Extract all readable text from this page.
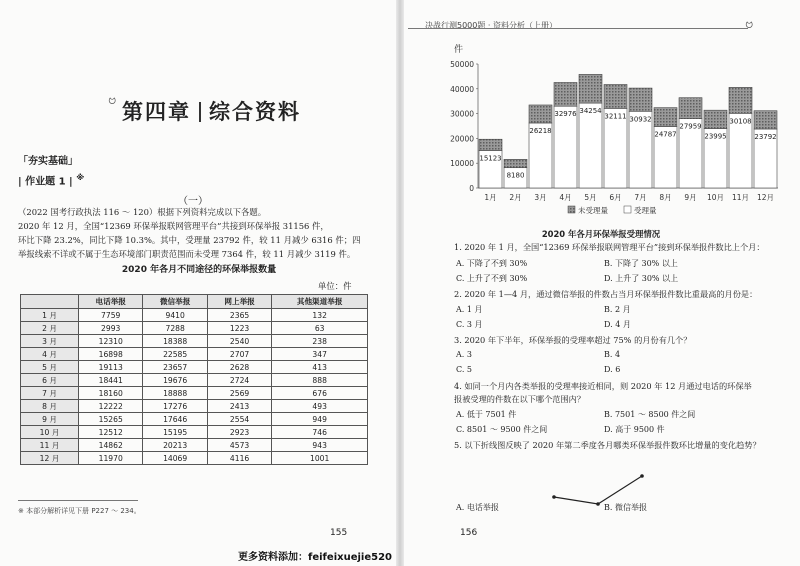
ဗ 第四章 综合资料
「夯实基础」
| 作业题 1 | ※
（一）
（2022 国考行政执法 116 ～ 120）根据下列资料完成以下各题。
2020 年 12 月，全国“12369 环保举报联网管理平台”共接到环保举报 31156 件，
环比下降 23.2%，同比下降 10.3%。其中，受理量 23792 件，较 11 月减少 6316 件；四
举报线索不详或不属于生态环境部门职责范围而未受理 7364 件，较 11 月减少 3119 件。
2020 年各月不同途径的环保举报数量
单位：件
	电话举报	微信举报	网上举报	其他渠道举报
1 月	7759	9410	2365	132
2 月	2993	7288	1223	63
3 月	12310	18388	2540	238
4 月	16898	22585	2707	347
5 月	19113	23657	2628	413
6 月	18441	19676	2724	888
7 月	18160	18888	2569	676
8 月	12222	17276	2413	493
9 月	15265	17646	2554	949
10 月	12512	15195	2923	746
11 月	14862	20213	4573	943
12 月	11970	14069	4116	1001
※ 本部分解析详见下册 P227 ～ 234。
155
更多资料添加：feifeixuejie520
决战行测5000题 · 资料分析（上册）	ဗ
件
0
10000
20000
30000
40000
50000
15123
1月
8180
2月
26218
3月
32976
4月
34254
5月
32111
6月
30932
7月
24787
8月
27959
9月
23995
10月
30108
11月
23792
12月
未受理量	受理量
2020 年各月环保举报受理情况
1. 2020 年 1 月，全国“12369 环保举报联网管理平台”接到环保举报件数比上个月：
A. 下降了不到 30%	B. 下降了 30% 以上
C. 上升了不到 30%	D. 上升了 30% 以上
2. 2020 年 1—4 月，通过微信举报的件数占当月环保举报件数比重最高的月份是：
A. 1 月	B. 2 月
C. 3 月	D. 4 月
3. 2020 年下半年，环保举报的受理率超过 75% 的月份有几个？
A. 3	B. 4
C. 5	D. 6
4. 如同一个月内各类举报的受理率接近相同，则 2020 年 12 月通过电话的环保举
报被受理的件数在以下哪个范围内？
A. 低于 7501 件	B. 7501 ～ 8500 件之间
C. 8501 ～ 9500 件之间	D. 高于 9500 件
5. 以下折线图反映了 2020 年第二季度各月哪类环保举报件数环比增量的变化趋势？
A. 电话举报	B. 微信举报
156
